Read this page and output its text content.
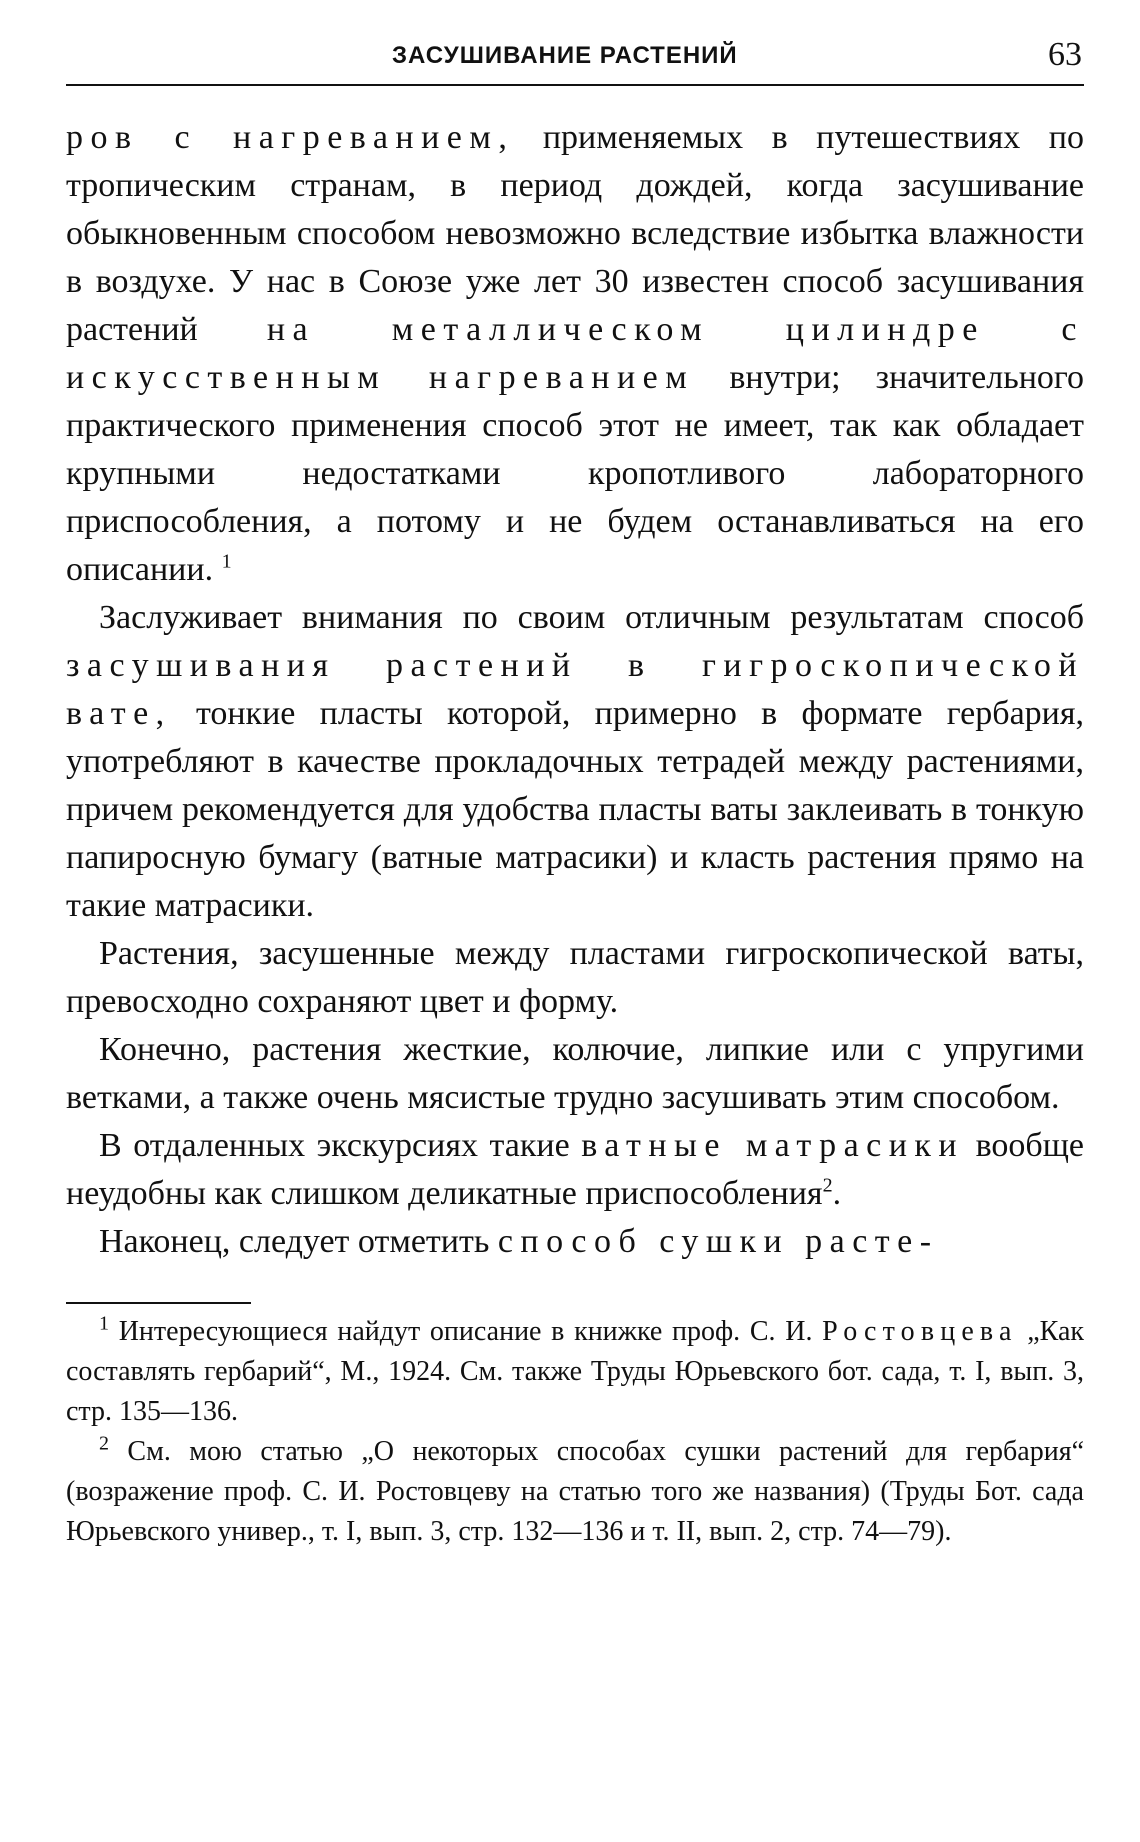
ЗАСУШИВАНИЕ РАСТЕНИЙ	63

ров с нагреванием, применяемых в путешествиях по тропическим странам, в период дождей, когда засушивание обыкновенным способом невозможно вследствие избытка влажности в воздухе. У нас в Союзе уже лет 30 известен способ засушивания растений на металлическом цилиндре с искусственным нагреванием внутри; значительного практического применения способ этот не имеет, так как обладает крупными недостатками кропотливого лабораторного приспособления, а потому и не будем останавливаться на его описании. $^1$

Заслуживает внимания по своим отличным результатам способ засушивания растений в гигроскопической вате, тонкие пласты которой, примерно в формате гербария, употребляют в качестве прокладочных тетрадей между растениями, причем рекомендуется для удобства пласты ваты заклеивать в тонкую папиросную бумагу (ватные матрасики) и класть растения прямо на такие матрасики.

Растения, засушенные между пластами гигроскопической ваты, превосходно сохраняют цвет и форму.

Конечно, растения жесткие, колючие, липкие или с упругими ветками, а также очень мясистые трудно засушивать этим способом.

В отдаленных экскурсиях такие ватные матрасики вообще неудобны как слишком деликатные приспособления$^2$.

Наконец, следует отметить способ сушки расте-

$^1$ Интересующиеся найдут описание в книжке проф. С. И. Ростовцева „Как составлять гербарий“, М., 1924. См. также Труды Юрьевского бот. сада, т. I, вып. 3, стр. 135—136.

$^2$ См. мою статью „О некоторых способах сушки растений для гербария“ (возражение проф. С. И. Ростовцеву на статью того же названия) (Труды Бот. сада Юрьевского универ., т. I, вып. 3, стр. 132—136 и т. II, вып. 2, стр. 74—79).
